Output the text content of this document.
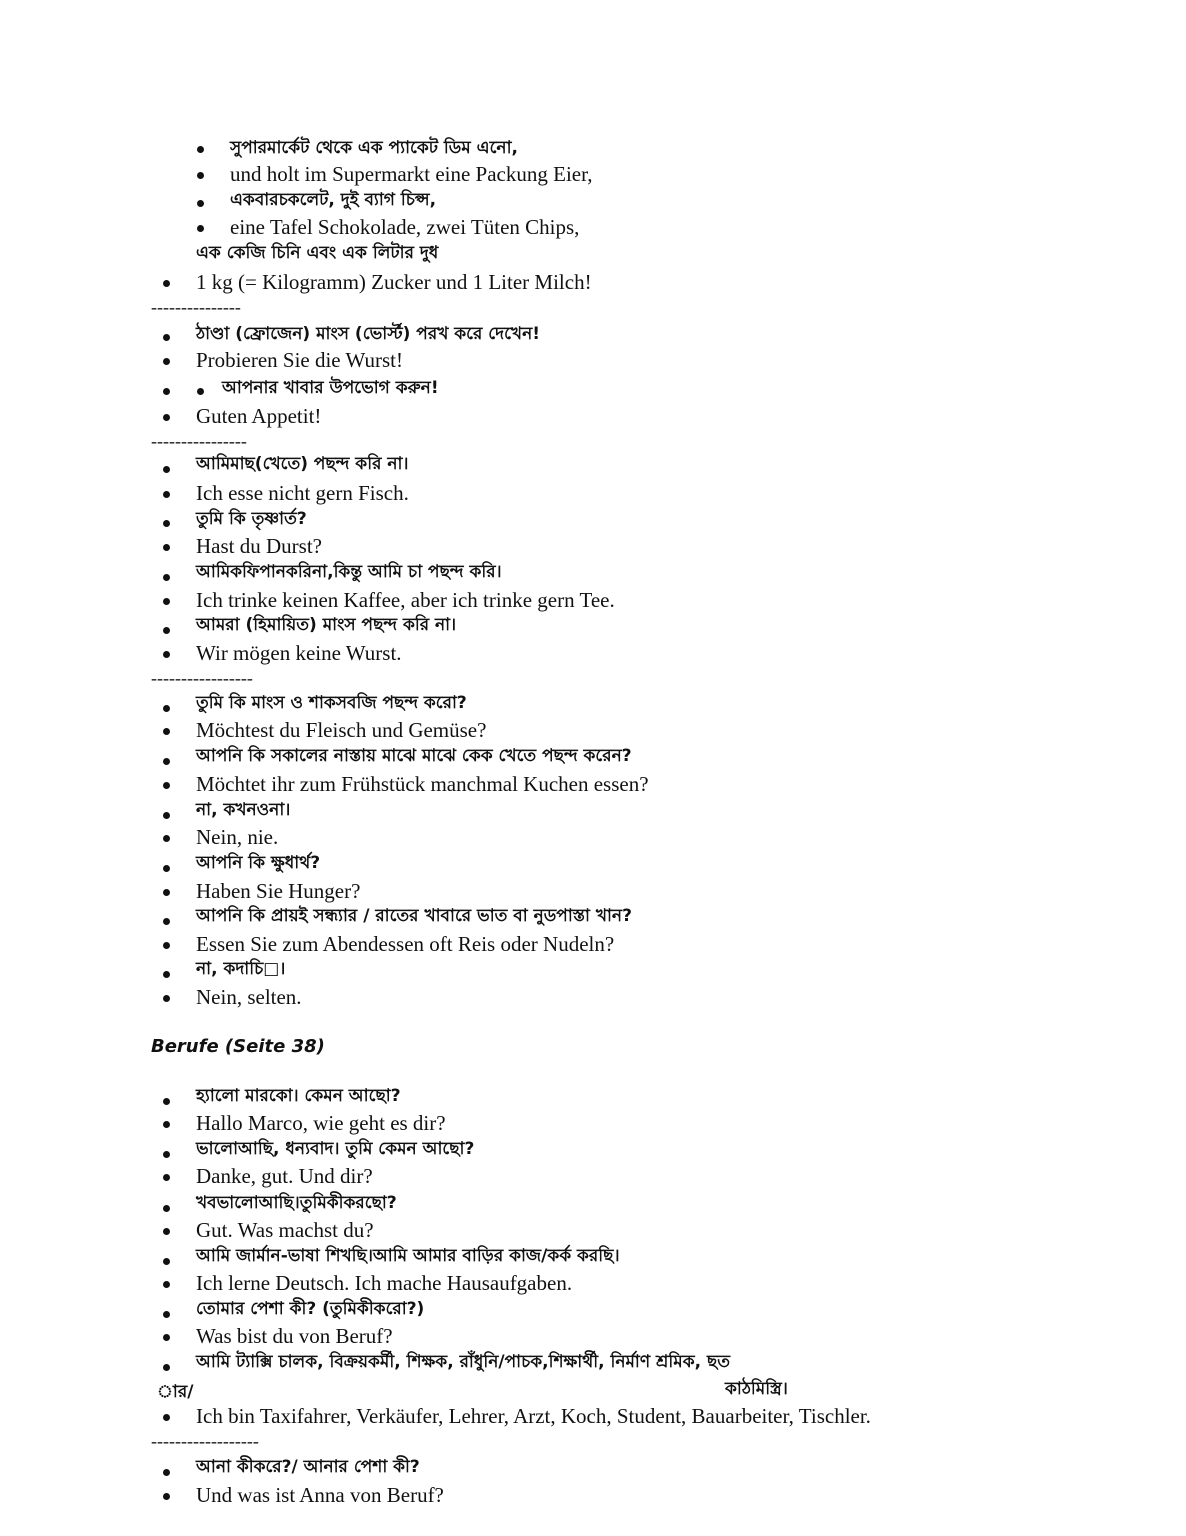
সুপারমার্কেট থেকে এক প্যাকেট ডিম এনো,
und holt im Supermarkt eine Packung Eier,
একবারচকলেট, দুই ব্যাগ চিপ্স,
eine Tafel Schokolade, zwei Tüten Chips,
এক কেজি চিনি এবং এক লিটার দুধ
1 kg (= Kilogramm) Zucker und 1 Liter Milch!
---------------
ঠাণ্ডা (ফ্রোজেন) মাংস (ভোর্স্ট) পরখ করে দেখেন!
Probieren Sie die Wurst!
আপনার খাবার উপভোগ করুন!
Guten Appetit!
----------------
আমিমাছ(খেতে) পছন্দ করি না।
Ich esse nicht gern Fisch.
তুমি কি তৃষ্ণার্ত?
Hast du Durst?
আমিকফিপানকরিনা,কিন্তু আমি চা পছন্দ করি।
Ich trinke keinen Kaffee, aber ich trinke gern Tee.
আমরা (হিমায়িত) মাংস পছন্দ করি না।
Wir mögen keine Wurst.
-----------------
তুমি কি মাংস ও শাকসবজি পছন্দ করো?
Möchtest du Fleisch und Gemüse?
আপনি কি সকালের নাস্তায় মাঝে মাঝে কেক খেতে পছন্দ করেন?
Möchtet ihr zum Frühstück manchmal Kuchen essen?
না, কখনওনা।
Nein, nie.
আপনি কি ক্ষুধার্থ?
Haben Sie Hunger?
আপনি কি প্রায়ই সন্ধ্যার / রাতের খাবারে ভাত বা নুডপাস্তা খান?
Essen Sie zum Abendessen oft Reis oder Nudeln?
না, কদাচি□।
Nein, selten.
Berufe (Seite 38)
হ্যালো মারকো। কেমন আছো?
Hallo Marco, wie geht es dir?
ভালোআছি, ধন্যবাদ। তুমি কেমন আছো?
Danke, gut. Und dir?
খবভালোআছি।তুমিকীকরছো?
Gut. Was machst du?
আমি জার্মান-ভাষা শিখছি।আমি আমার বাড়ির কাজ/কর্ক করছি।
Ich lerne Deutsch. Ich mache Hausaufgaben.
তোমার পেশা কী? (তুমিকীকরো?)
Was bist du von Beruf?
আমি ট্যাক্সি চালক, বিক্রয়কর্মী, শিক্ষক, রাঁধুনি/পাচক,শিক্ষার্থী, নির্মাণ শ্রমিক, ছত
ার/	কাঠমিস্ত্রি।
Ich bin Taxifahrer, Verkäufer, Lehrer, Arzt, Koch, Student, Bauarbeiter, Tischler.
------------------
আনা কীকরে?/ আনার পেশা কী?
Und was ist Anna von Beruf?
